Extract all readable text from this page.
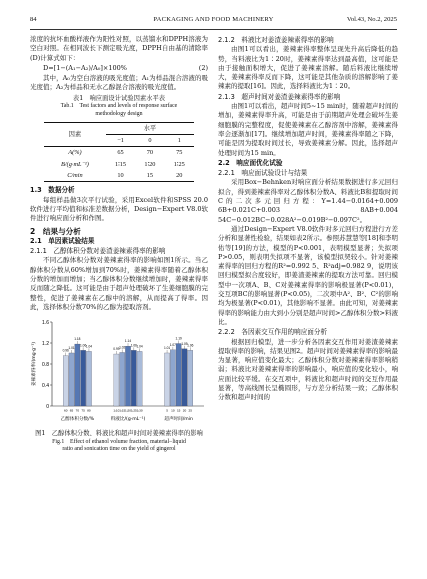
84	PACKAGING AND FOOD MACHINERY	Vol.43, No.2, 2025

浓度的抗坏血酸样液作为阳性对照，以蒸馏水和DPPH溶液为空白对照。在相同波长下测定吸光度，DPPH自由基的清除率(D)计算式如下：

D=[1−(A₁−A₂)/A₀]×100%	(2)

其中，A₀为空白溶液的吸光度值；A₁为样品混合溶液的吸光度值；A₂为样品和无水乙醇混合溶液的吸光度值。

表1　响应面设计试验因素水平表
Tab.1　Test factors and levels of response surface
methodology design
因素	水平		
	−1	0	1
A(%)	65	70	75
B/(g·mL⁻¹)	1∶15	1∶20	1∶25
C/min	10	15	20
1.3　数据分析

每组样品做3次平行试验，采用Excel软件和SPSS 20.0软件进行平均值和标准差数据分析，Design−Expert V8.0软件进行响应面分析和作图。

2　结果与分析
2.1　单因素试验结果
2.1.1　乙醇体积分数对姜渣姜辣素得率的影响

不同乙醇体积分数对姜辣素得率的影响如图1所示。当乙醇体积分数从60%增加到70%时，姜辣素得率随着乙醇体积分数的增加而增加；当乙醇体积分数继续增加时，姜辣素得率反而随之降低。这可能是由于超声处理破坏了生姜细胞膜的完整性，促进了姜辣素在乙醇中的溶解，从而提高了得率。因此，选择体积分数70%的乙醇为提取溶剂。

0
0.4
0.8
1.2
1.6
姜辣素得率/(mg·g⁻¹)	0.96
60
1.01
65
1.18
70
1.06
75
1.04
80
乙醇体积分数/%
0.99
1∶10
1.02
1∶15
1.14
1∶20
1.06
1∶25
1.04
1∶30
料液比/(g·mL⁻¹)
1.01
5
1.07
10
1.19
15
1.09
20
1.06
25
超声时间/min
图1　乙醇体积分数、料液比和超声时间对姜辣素得率的影响
Fig.1　Effect of ethanol volume fraction, material−liquid
ratio and sonication time on the yield of gingerol
2.1.2　料液比对姜渣姜辣素得率的影响

由图1可以看出，姜辣素得率整体呈现先升高后降低的趋势，当料液比为1∶20时，姜辣素得率达到最高值，这可能是由于接触面积增大，促进了姜辣素溶解。随后料液比继续增大，姜辣素得率反而下降，这可能是其他杂质的溶解影响了姜辣素的提取[16]。因此，选择料液比为1∶20。

2.1.3　超声时间对姜渣姜辣素得率的影响

由图1可以看出，超声时间5~15 min时，随着超声时间的增加，姜辣素得率升高，可能是由于前期超声处理会破坏生姜细胞膜的完整程度，促使姜辣素在乙醇溶剂中溶解，姜辣素得率会逐渐加[17]。继续增加超声时间，姜辣素得率随之下降，可能是因为提取时间过长，导致姜辣素分解。因此，选择超声处理时间为15 min。

2.2　响应面优化试验
2.2.1　响应面试验设计与结果

采用Box−Behnken对响应面分析结果数据进行多元回归拟合，得到姜辣素得率对乙醇体积分数A、料液比B和提取时间C的二次多元回归方程：Y=1.44−0.0164+0.009 6B+0.021C+0.003 8AB+0.004 54C−0.012BC−0.028A²−0.019B²−0.097C²。

通过Design−Expert V8.0软件对多元回归方程进行方差分析和显著性检验，结果如表2所示。参照苏慧慧等[18]和李明佑等[19]的方法，模型的P<0.001，表明模型显著；失拟项P>0.05，则表明失拟项不显著，该模型拟契较小。针对姜辣素得率的回归方程的R²=0.992 5、R²adj=0.982 9，说明该回归模型拟合度较好，即姜渣姜辣素的提取方法可靠。回归模型中一次项A、B、C对姜辣素得率的影响极显著(P<0.01)，交互项BC的影响显著(P<0.05)，二次项中A²、B²、C²的影响均为极显著(P<0.01)，其他影响不显著。由此可知，对姜辣素得率的影响能力由大到小分别是超声时间>乙醇体积分数>料液比。

2.2.2　各因素交互作用的响应面分析

根据回归模型，进一步分析各因素交互作用对姜渣姜辣素提取得率的影响，结果见图2。超声时间对姜辣素得率的影响最为显著，响应值变化最大；乙醇体积分数对姜辣素得率影响稍弱；料液比对姜辣素得率的影响最小，响应值的变化较小，响应面比较平缓。在交互项中，料液比和超声时间的交互作用最显著，等高线图长呈椭圆形，与方差分析结果一致；乙醇体积分数和超声时间的
